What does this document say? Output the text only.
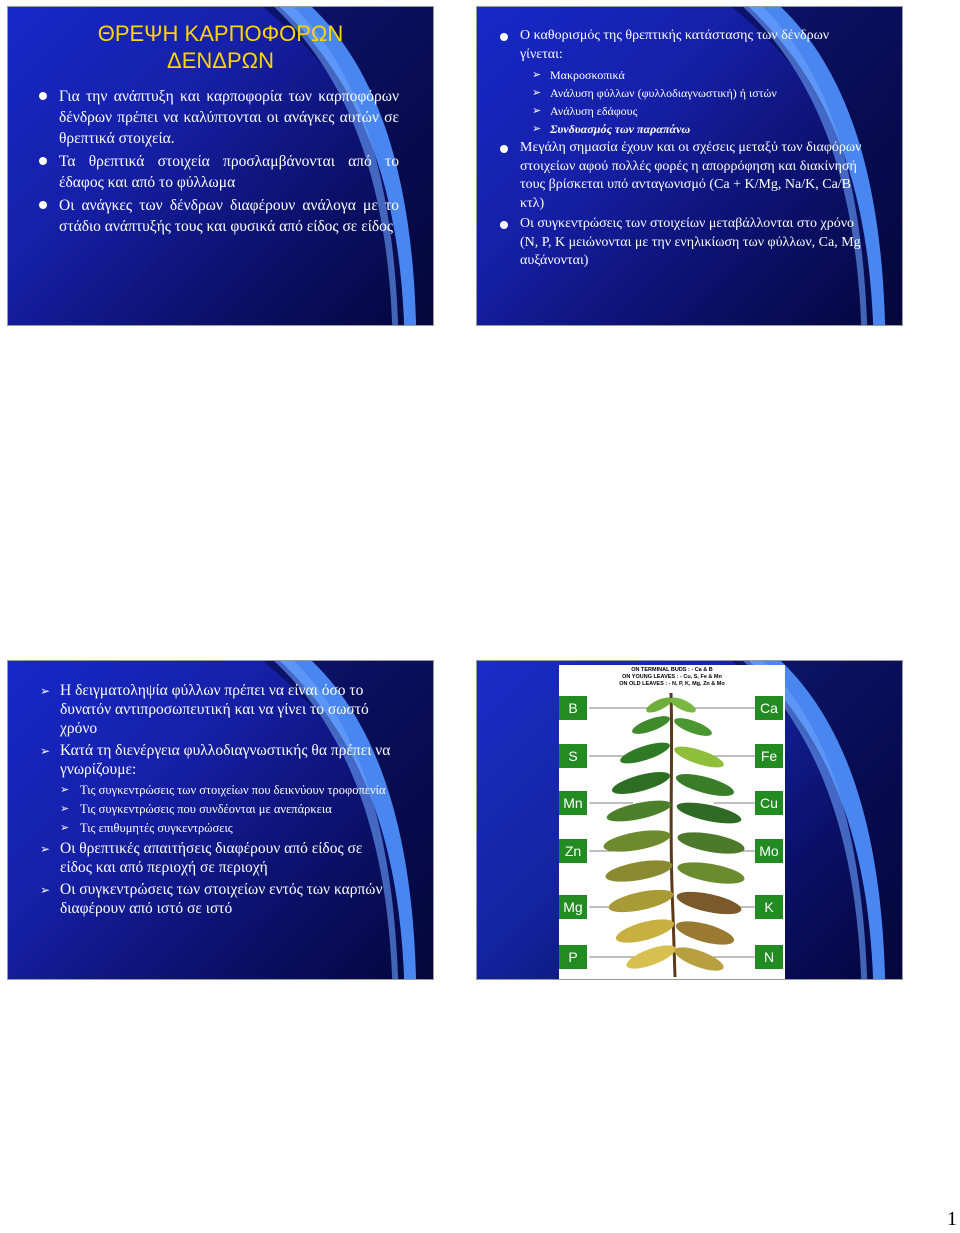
ΘΡΕΨΗ ΚΑΡΠΟΦΟΡΩΝ
ΔΕΝΔΡΩΝ
Για την ανάπτυξη και καρποφορία των καρποφόρων δένδρων πρέπει να καλύπτονται οι ανάγκες αυτών σε θρεπτικά στοιχεία.
Τα θρεπτικά στοιχεία προσλαμβάνονται από το έδαφος και από το φύλλωμα
Οι ανάγκες των δένδρων διαφέρουν ανάλογα με το στάδιο ανάπτυξής τους και φυσικά από είδος σε είδος
Ο καθορισμός της θρεπτικής κατάστασης των δένδρων γίνεται:
➢ Μακροσκοπικά
➢ Ανάλυση φύλλων (φυλλοδιαγνωστική) ή ιστών
➢ Ανάλυση εδάφους
➢ Συνδυασμός των παραπάνω
Μεγάλη σημασία έχουν και οι σχέσεις μεταξύ των διαφόρων στοιχείων αφού πολλές φορές η απορρόφηση και διακίνησή τους βρίσκεται υπό ανταγωνισμό (Ca + K/Mg, Na/K, Ca/B κτλ)
Οι συγκεντρώσεις των στοιχείων μεταβάλλονται στο χρόνο (N, P, K μειώνονται με την ενηλικίωση των φύλλων, Ca, Mg αυξάνονται)
➢ Η δειγματοληψία φύλλων πρέπει να είναι όσο το δυνατόν αντιπροσωπευτική και να γίνει το σωστό χρόνο
➢ Κατά τη διενέργεια φυλλοδιαγνωστικής θα πρέπει να γνωρίζουμε:
➢ Τις συγκεντρώσεις των στοιχείων που δεικνύουν τροφοπενία
➢ Τις συγκεντρώσεις που συνδέονται με ανεπάρκεια
➢ Τις επιθυμητές συγκεντρώσεις
➢ Οι θρεπτικές απαιτήσεις διαφέρουν από είδος σε είδος και από περιοχή σε περιοχή
➢ Οι συγκεντρώσεις των στοιχείων εντός των καρπών διαφέρουν από ιστό σε ιστό
ON TERMINAL BUDS : - Ca & B
ON YOUNG LEAVES : - Cu, S, Fe & Mn
ON OLD LEAVES : - N, P, K, Mg, Zn & Mo
B
S
Mn
Zn
Mg
P
Ca
Fe
Cu
Mo
K
N
1
